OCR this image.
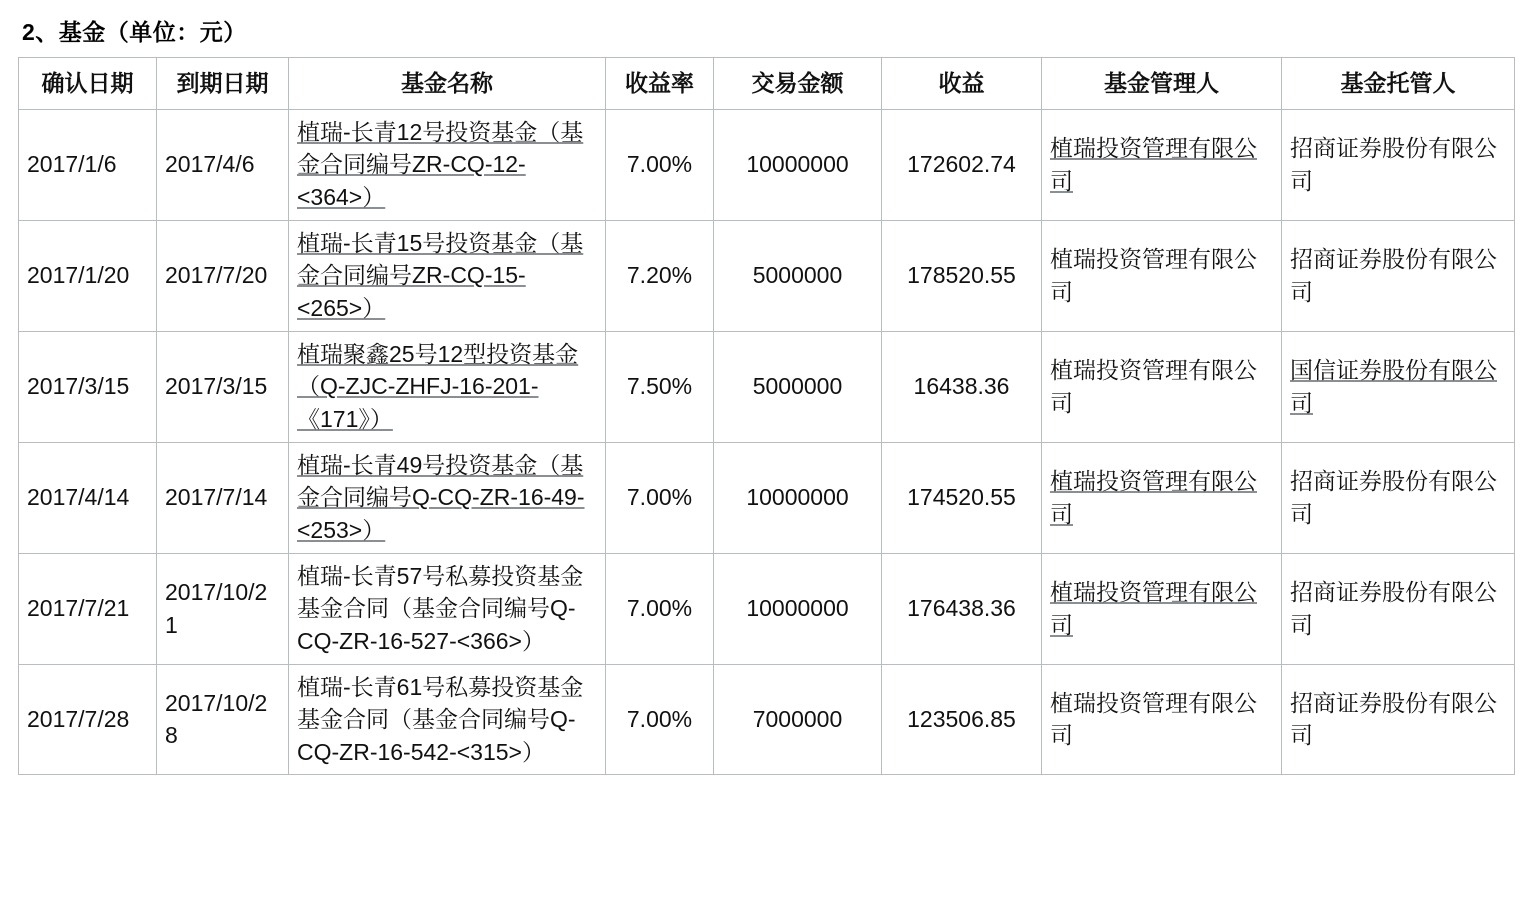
2、基金（单位：元）
确认日期	到期日期	基金名称	收益率	交易金额	收益	基金管理人	基金托管人
2017/1/6	2017/4/6	植瑞-长青12号投资基金（基金合同编号ZR-CQ-12-<364>）	7.00%	10000000	172602.74	植瑞投资管理有限公司	招商证券股份有限公司
2017/1/20	2017/7/20	植瑞-长青15号投资基金（基金合同编号ZR-CQ-15-<265>）	7.20%	5000000	178520.55	植瑞投资管理有限公司	招商证券股份有限公司
2017/3/15	2017/3/15	植瑞聚鑫25号12型投资基金（Q-ZJC-ZHFJ-16-201-《171》）	7.50%	5000000	16438.36	植瑞投资管理有限公司	国信证券股份有限公司
2017/4/14	2017/7/14	植瑞-长青49号投资基金（基金合同编号Q-CQ-ZR-16-49-<253>）	7.00%	10000000	174520.55	植瑞投资管理有限公司	招商证券股份有限公司
2017/7/21	2017/10/21	植瑞-长青57号私募投资基金基金合同（基金合同编号Q-CQ-ZR-16-527-<366>）	7.00%	10000000	176438.36	植瑞投资管理有限公司	招商证券股份有限公司
2017/7/28	2017/10/28	植瑞-长青61号私募投资基金基金合同（基金合同编号Q-CQ-ZR-16-542-<315>）	7.00%	7000000	123506.85	植瑞投资管理有限公司	招商证券股份有限公司
